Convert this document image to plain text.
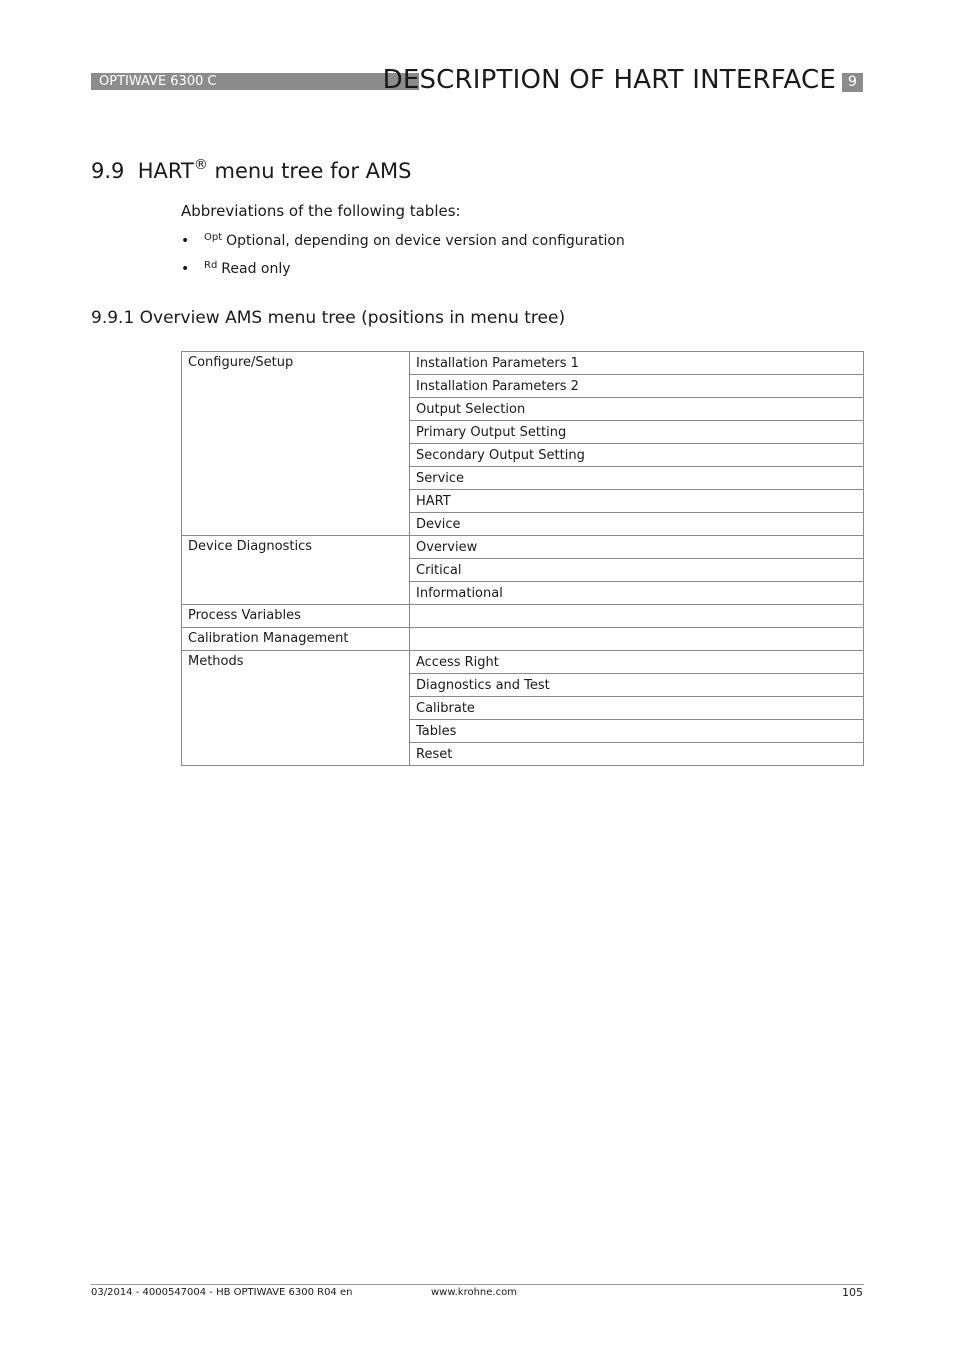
OPTIWAVE 6300 C	DESCRIPTION OF HART INTERFACE 9
9.9 HART® menu tree for AMS
Abbreviations of the following tables:
• $^{Opt}$ Optional, depending on device version and configuration
• $^{Rd}$ Read only
9.9.1 Overview AMS menu tree (positions in menu tree)
Configure/Setup	Installation Parameters 1
	Installation Parameters 2
	Output Selection
	Primary Output Setting
	Secondary Output Setting
	Service
	HART
	Device
Device Diagnostics	Overview
	Critical
	Informational
Process Variables	
Calibration Management	
Methods	Access Right
	Diagnostics and Test
	Calibrate
	Tables
	Reset
03/2014 - 4000547004 - HB OPTIWAVE 6300 R04 en	www.krohne.com	105
